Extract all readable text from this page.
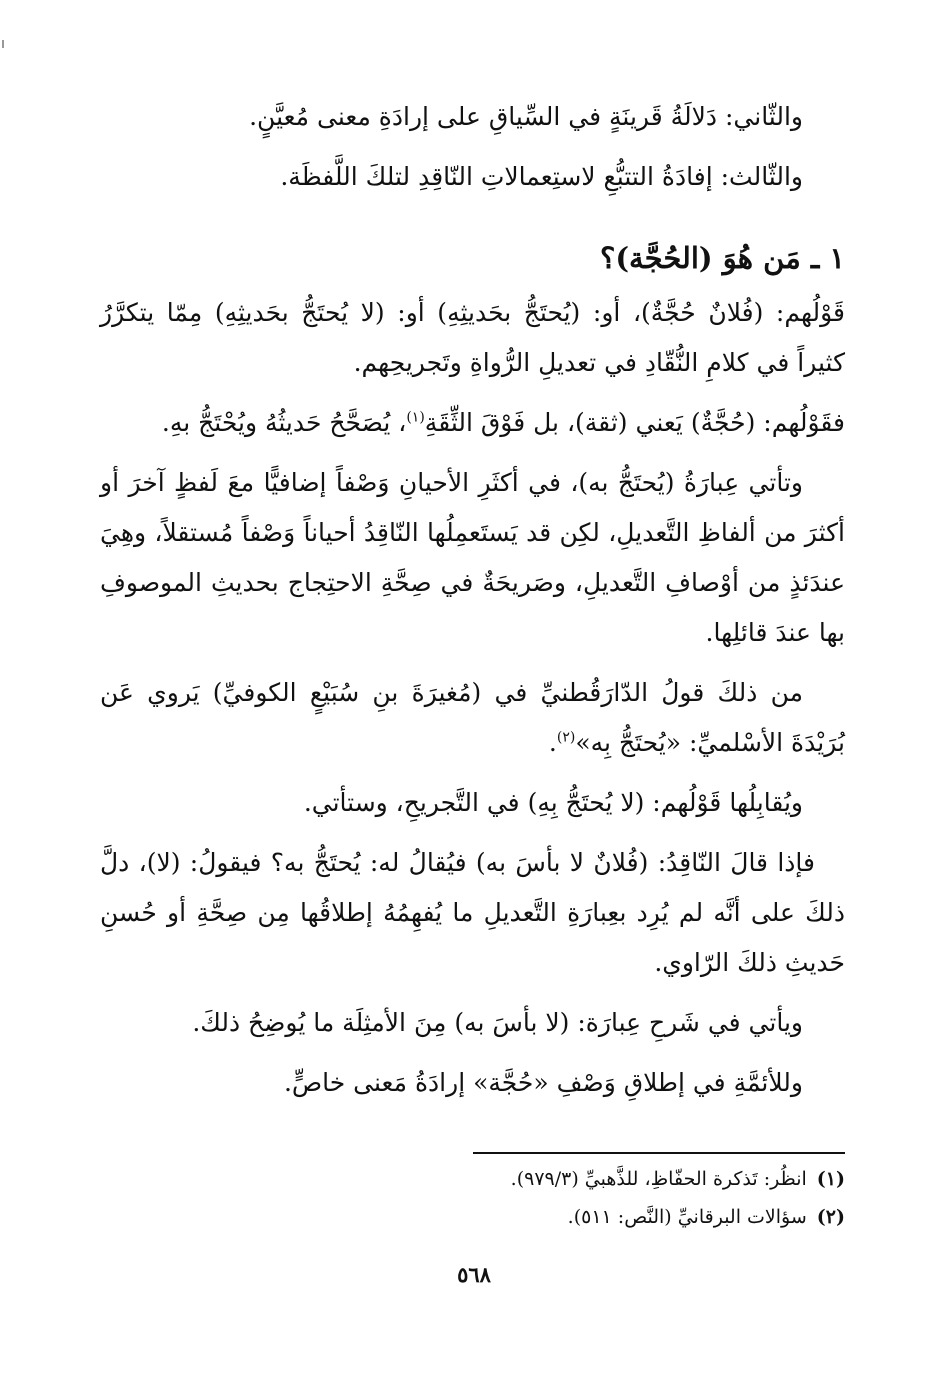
والثّاني: دَلالَةُ قَرينَةٍ في السِّياقِ على إرادَةِ معنى مُعيَّنٍ.

والثّالث: إفادَةُ التتبُّعِ لاستِعمالاتِ النّاقِدِ لتلكَ اللَّفظَة.

١ ـ مَن هُوَ (الحُجَّة)؟

قَوْلُهم: (فُلانٌ حُجَّةٌ)، أو: (يُحتَجُّ بحَديثِهِ) أو: (لا يُحتَجُّ بحَديثِهِ) مِمّا يتكرَّرُ كثيراً في كلامِ النُّقّادِ في تعديلِ الرُّواةِ وتَجريحِهم.

فقَوْلُهم: (حُجَّةٌ) يَعني (ثقة)، بل فَوْقَ الثِّقَةِ$^{(١)}$، يُصَحَّحُ حَديثُهُ ويُحْتَجُّ بهِ.

وتأتي عِبارَةُ (يُحتَجُّ به)، في أكثَرِ الأحيانِ وَصْفاً إضافيًّا معَ لَفظٍ آخرَ أو أكثرَ من ألفاظِ التَّعديلِ، لكِن قد يَستَعمِلُها النّاقِدُ أحياناً وَصْفاً مُستقلاً، وهِيَ عندَئذٍ من أوْصافِ التَّعديلِ، وصَريحَةٌ في صِحَّةِ الاحتِجاج بحديثِ الموصوفِ بها عندَ قائلِها.

من ذلكَ قولُ الدّارَقُطنيِّ في (مُغيرَةَ بنِ سُبَيْعٍ الكوفيِّ) يَروي عَن بُرَيْدَةَ الأسْلميِّ: «يُحتَجُّ بِه»$^{(٢)}$.

ويُقابِلُها قَوْلُهم: (لا يُحتَجُّ بِهِ) في التَّجريحِ، وستأتي.

فإذا قالَ النّاقِدُ: (فُلانٌ لا بأسَ به) فيُقالُ له: يُحتَجُّ به؟ فيقولُ: (لا)، دلَّ ذلكَ على أنَّه لم يُرِد بعِبارَةِ التَّعديلِ ما يُفهِمُهُ إطلاقُها مِن صِحَّةِ أو حُسنِ حَديثِ ذلكَ الرّاوي.

ويأتي في شَرحِ عِبارَة: (لا بأسَ به) مِنَ الأمثِلَة ما يُوضِحُ ذلكَ.

وللأئمَّةِ في إطلاقِ وَصْفِ «حُجَّة» إرادَةُ مَعنى خاصٍّ.

(١)انظُر: تَذكرة الحفّاظِ، للذَّهبيِّ (٩٧٩/٣).
(٢)سؤالات البرقانيِّ (النَّص: ٥١١).
٥٦٨
